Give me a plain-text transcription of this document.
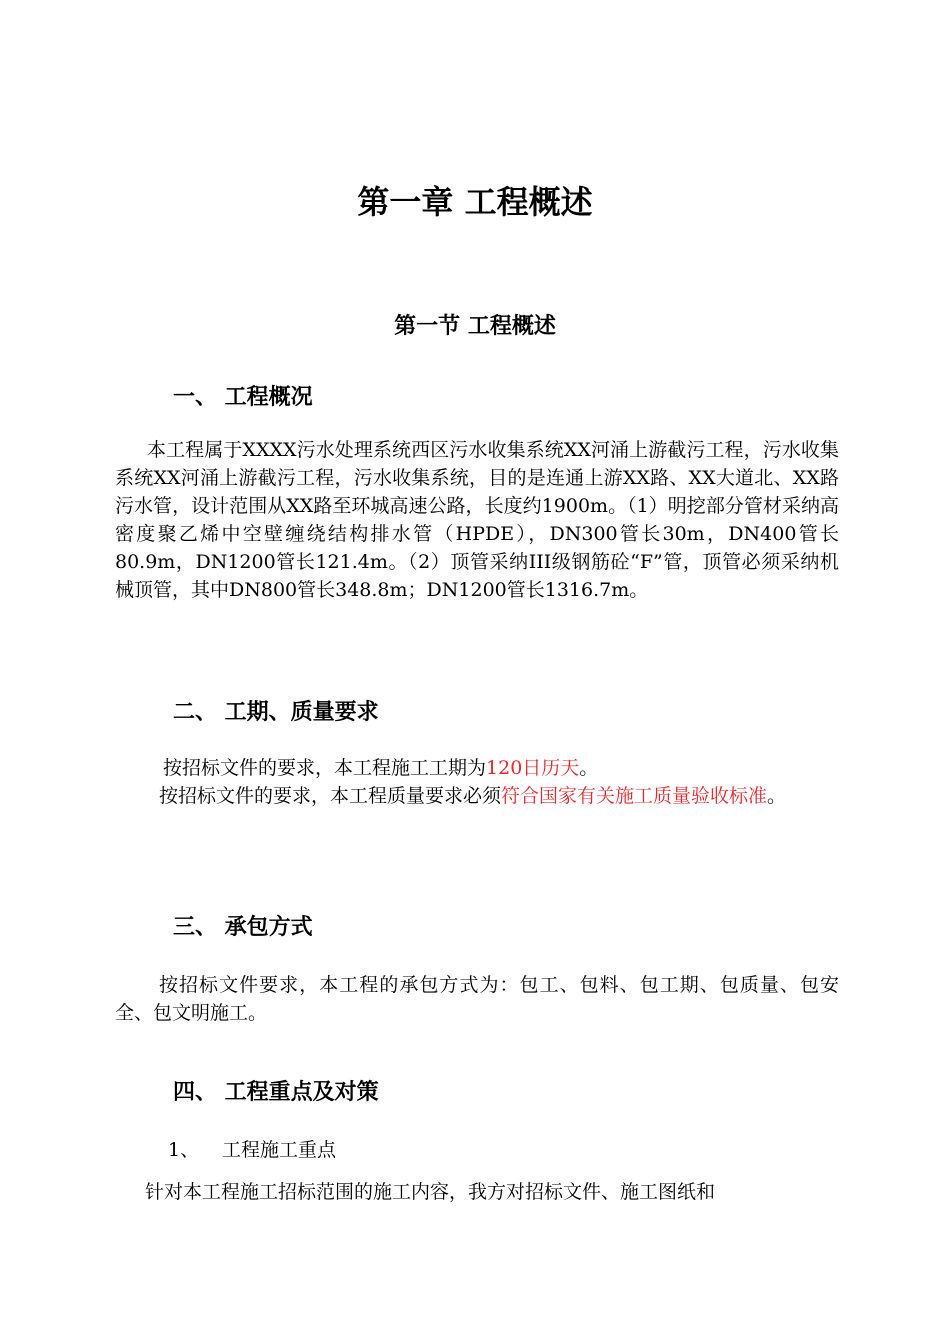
第一章 工程概述
第一节 工程概述
一、 工程概况

本工程属于XXXX污水处理系统西区污水收集系统XX河涌上游截污工程，污水收集系统XX河涌上游截污工程，污水收集系统，目的是连通上游XX路、XX大道北、XX路污水管，设计范围从XX路至环城高速公路，长度约1900m。（1）明挖部分管材采纳高密度聚乙烯中空壁缠绕结构排水管（HPDE），DN300管长30m，DN400管长80.9m，DN1200管长121.4m。（2）顶管采纳III级钢筋砼“F”管，顶管必须采纳机械顶管，其中DN800管长348.8m；DN1200管长1316.7m。

二、 工期、质量要求

按招标文件的要求，本工程施工工期为120日历天。

按招标文件的要求，本工程质量要求必须符合国家有关施工质量验收标准。

三、 承包方式

按招标文件要求，本工程的承包方式为：包工、包料、包工期、包质量、包安全、包文明施工。

四、 工程重点及对策

1、 工程施工重点

针对本工程施工招标范围的施工内容，我方对招标文件、施工图纸和
